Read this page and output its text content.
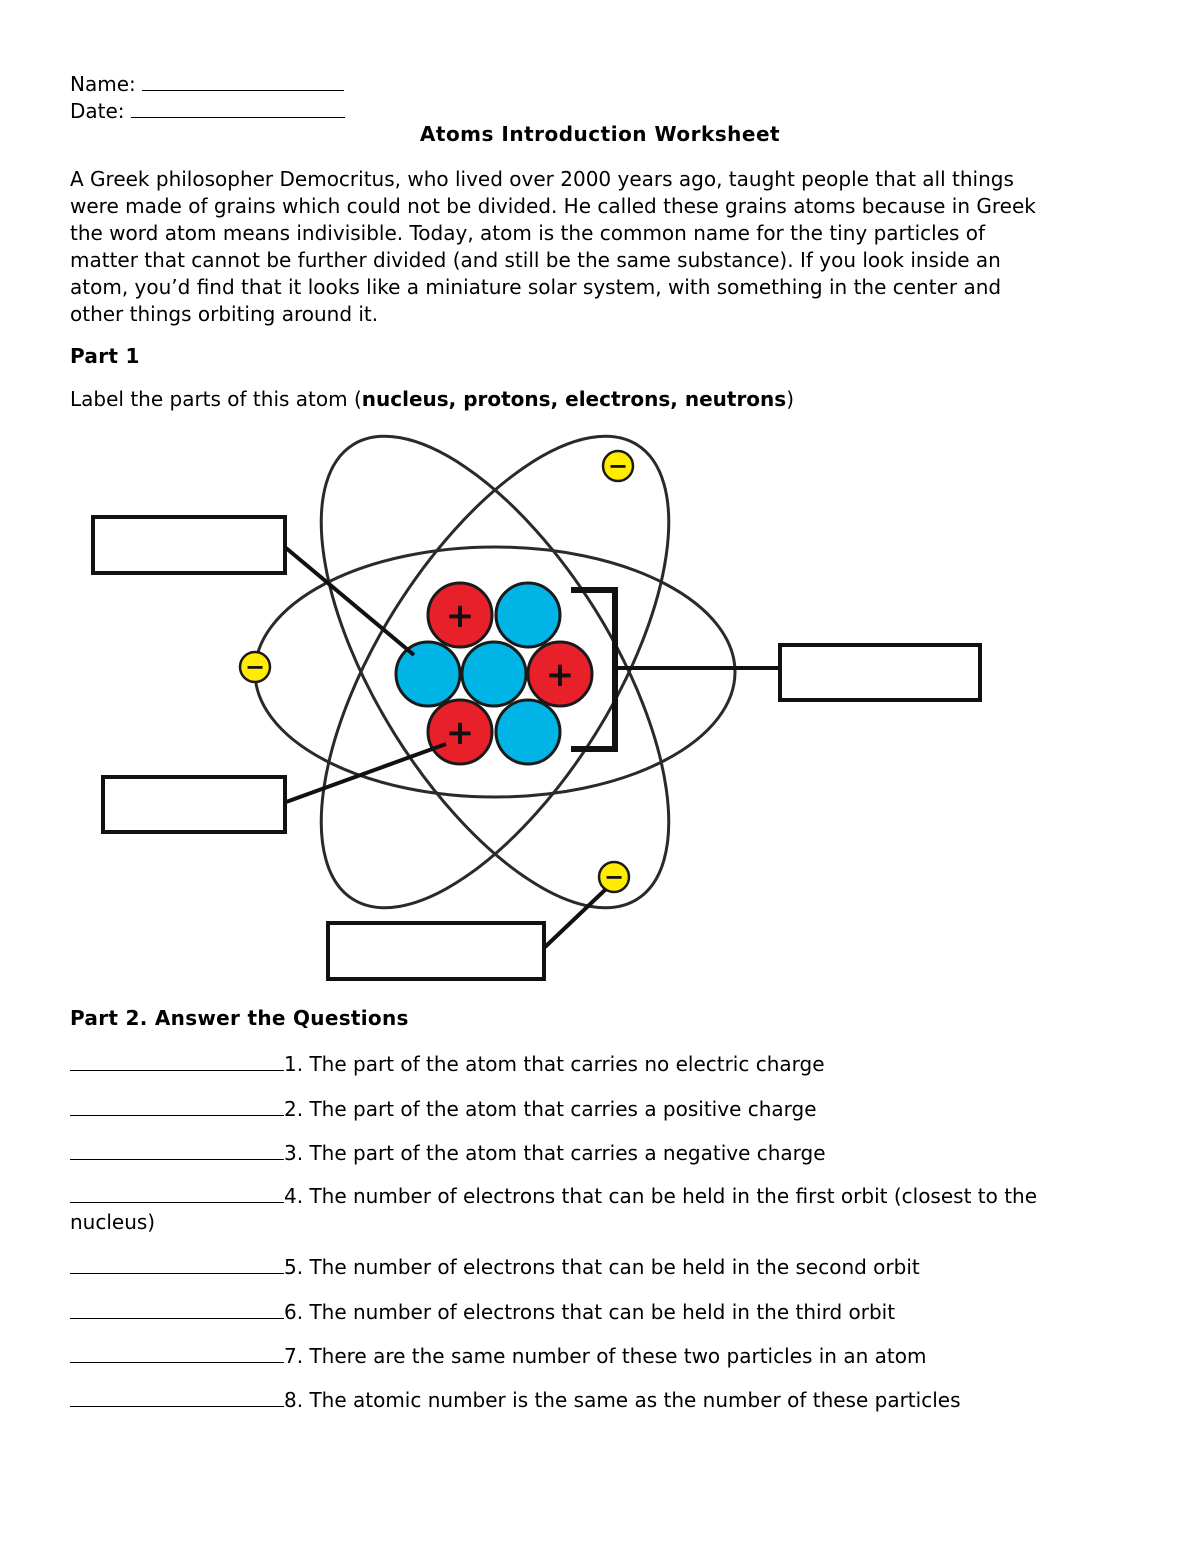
Name:
Date:
Atoms Introduction Worksheet
A Greek philosopher Democritus, who lived over 2000 years ago, taught people that all things
were made of grains which could not be divided. He called these grains atoms because in Greek
the word atom means indivisible. Today, atom is the common name for the tiny particles of
matter that cannot be further divided (and still be the same substance). If you look inside an
atom, you’d find that it looks like a miniature solar system, with something in the center and
other things orbiting around it.
Part 1
Label the parts of this atom (nucleus, protons, electrons, neutrons)
+
+
+
−
−
−
Part 2. Answer the Questions
1. The part of the atom that carries no electric charge
2. The part of the atom that carries a positive charge
3. The part of the atom that carries a negative charge
4. The number of electrons that can be held in the first orbit (closest to the
nucleus)
5. The number of electrons that can be held in the second orbit
6. The number of electrons that can be held in the third orbit
7. There are the same number of these two particles in an atom
8. The atomic number is the same as the number of these particles
